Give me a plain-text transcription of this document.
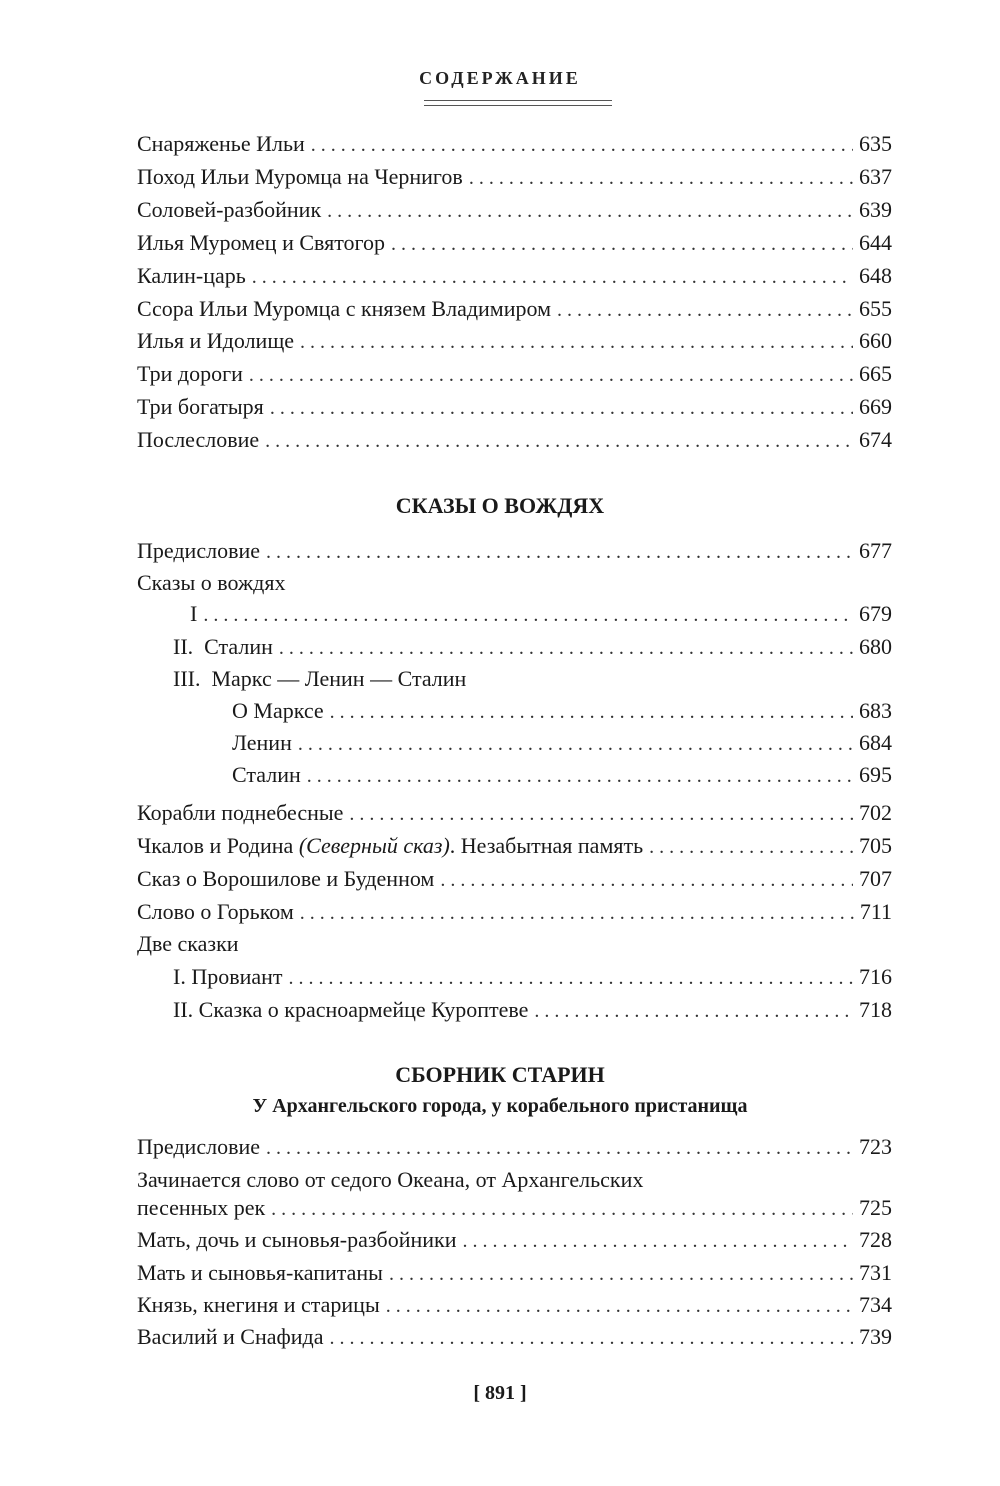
СОДЕРЖАНИЕ
Снаряженье Ильи . . .	635
Поход Ильи Муромца на Чернигов . . .	637
Соловей-разбойник . . .	639
Илья Муромец и Святогор . . .	644
Калин-царь . . .	648
Ссора Ильи Муромца с князем Владимиром . . .	655
Илья и Идолище . . .	660
Три дороги . . .	665
Три богатыря . . .	669
Послесловие . . .	674
Предисловие . . .	677
Сказы о вождях
I . . .	679
II.  Сталин . . .	680
III.  Маркс — Ленин — Сталин
О Марксе . . .	683
Ленин . . .	684
Сталин . . .	695
Корабли поднебесные . . .	702
Чкалов и Родина (Северный сказ). Незабытная память . . .	705
Сказ о Ворошилове и Буденном . . .	707
Слово о Горьком . . .	711
Две сказки
I. Провиант . . .	716
II. Сказка о красноармейце Куроптеве . . .	718
Предисловие . . .	723
Зачинается слово от седого Океана, от Архангельских
песенных рек . . .	725
Мать, дочь и сыновья-разбойники . . .	728
Мать и сыновья-капитаны . . .	731
Князь, кнегиня и старицы . . .	734
Василий и Снафида . . .	739
СКАЗЫ О ВОЖДЯХ
СБОРНИК СТАРИН
У Архангельского города, у корабельного пристанища
[ 891 ]
